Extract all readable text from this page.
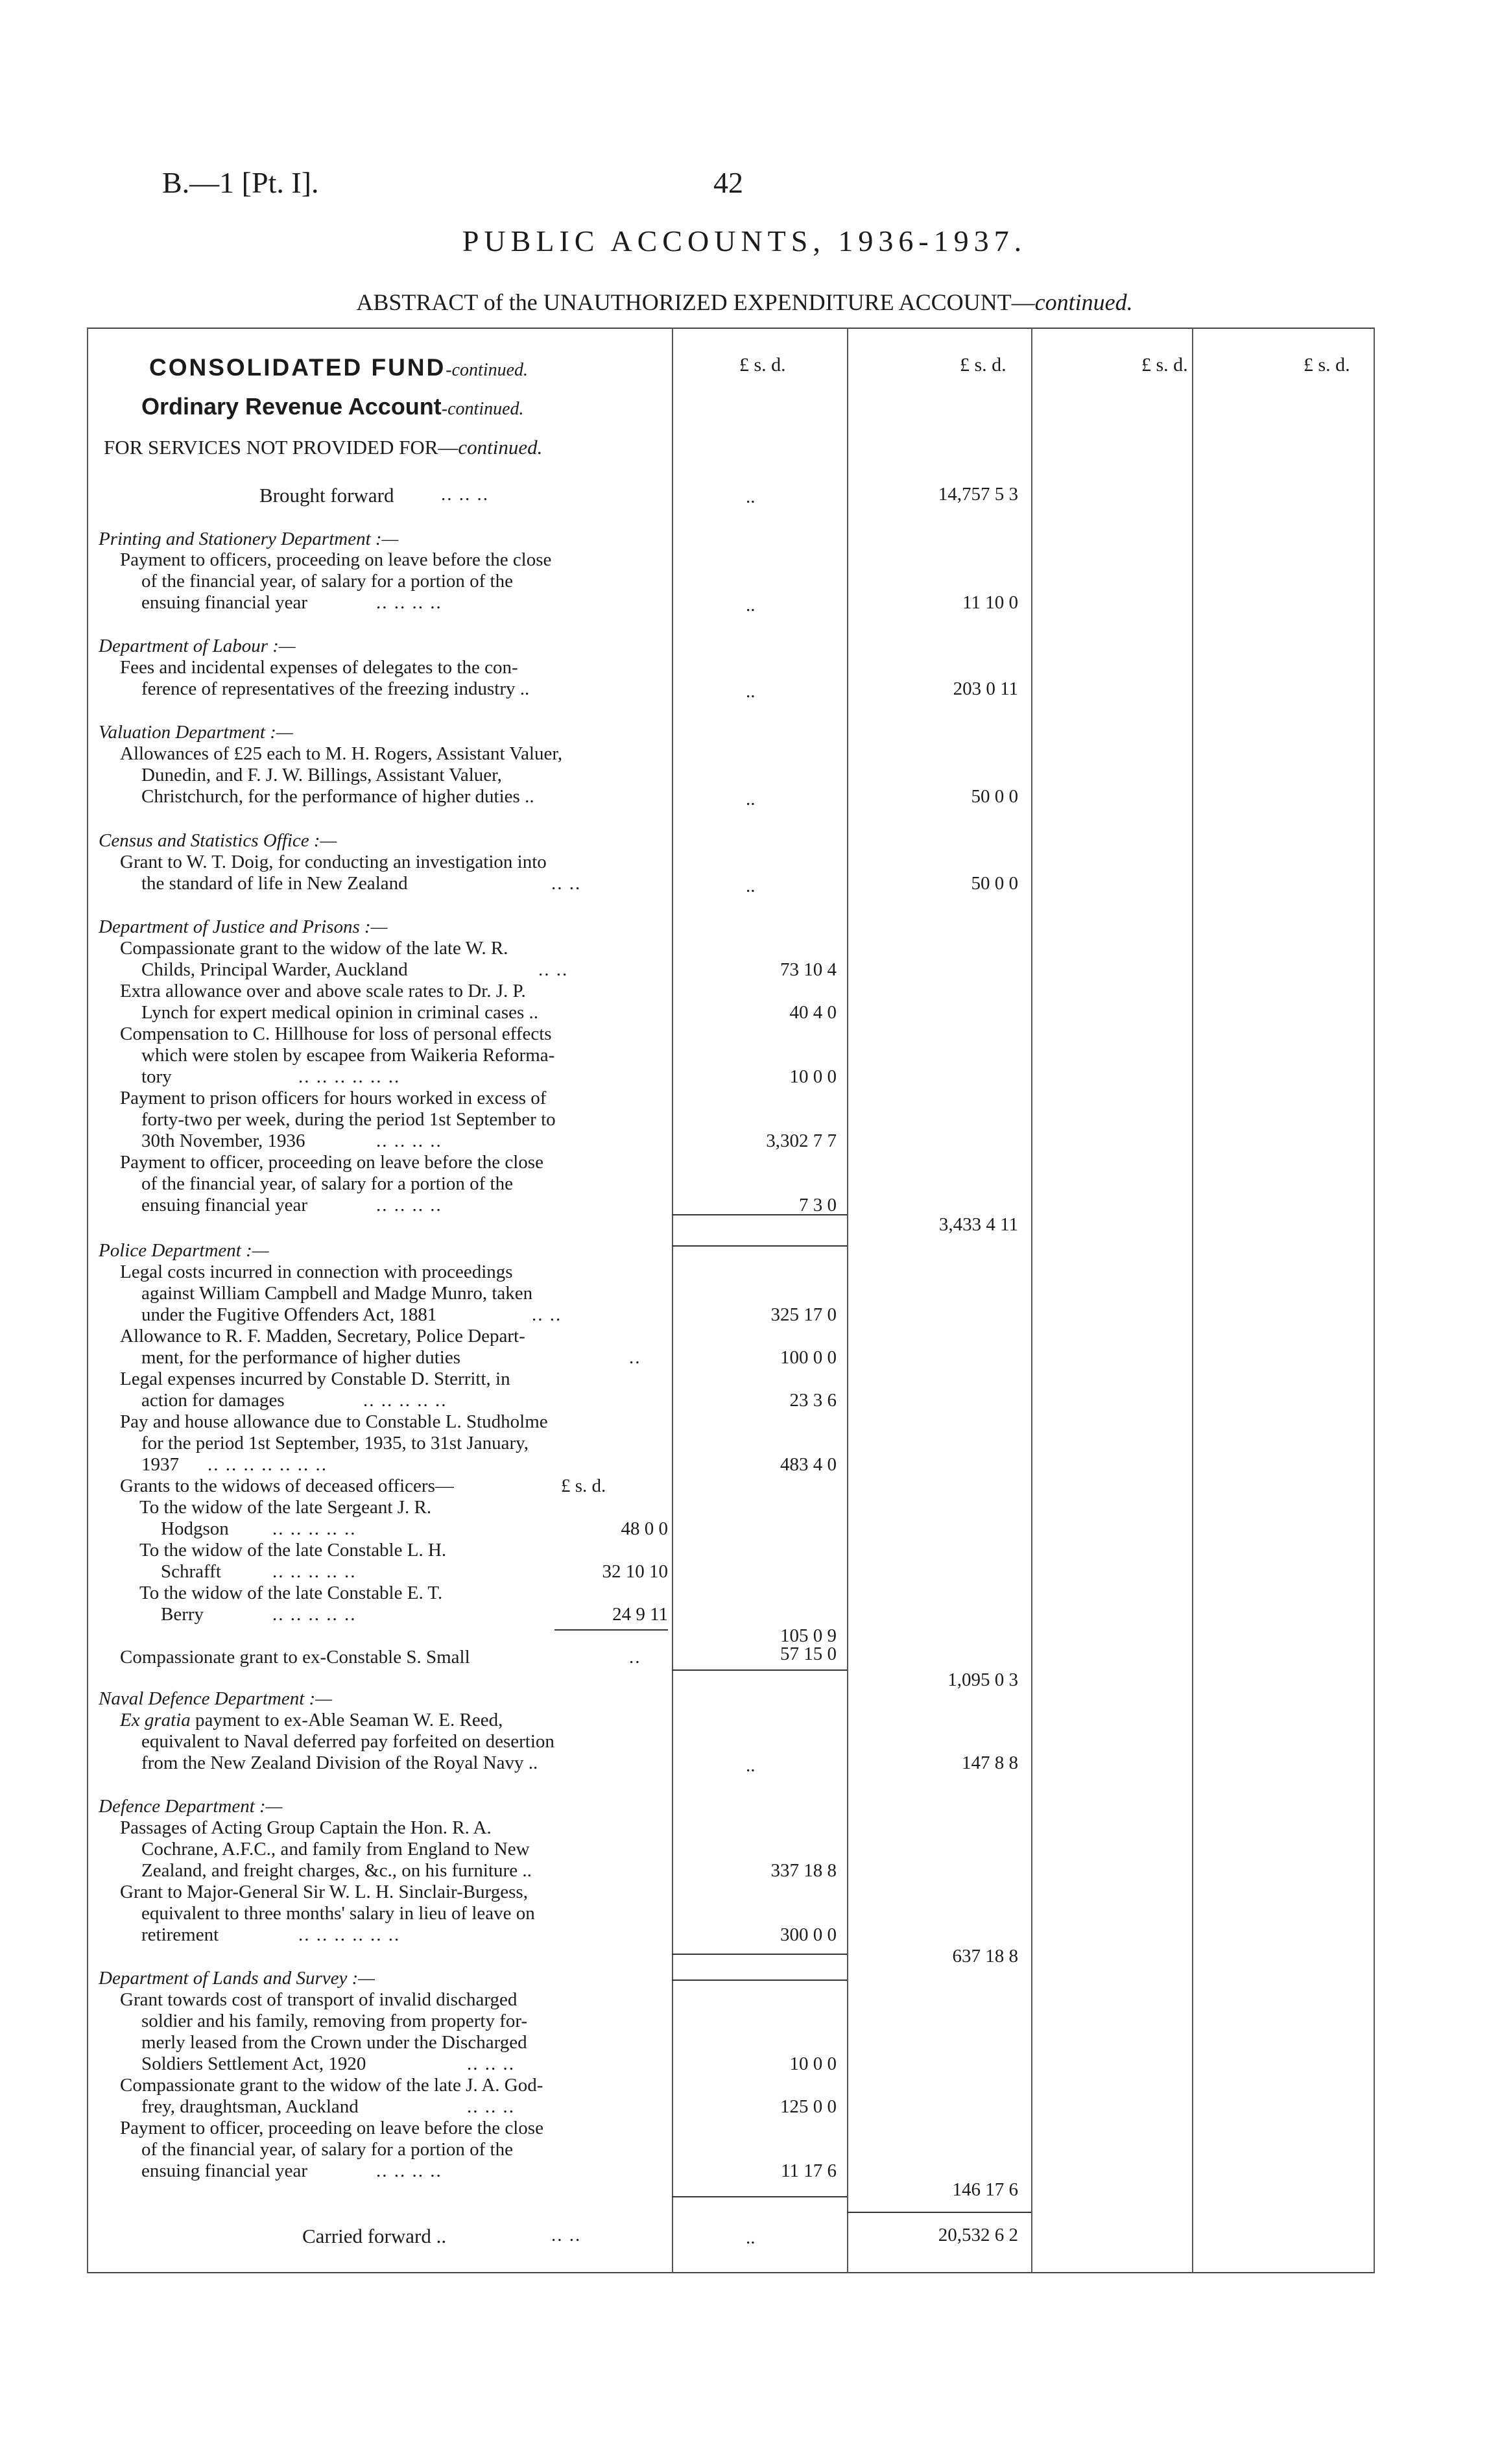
B.—1 [Pt. I].	42
PUBLIC ACCOUNTS, 1936-1937.
ABSTRACT of the UNAUTHORIZED EXPENDITURE ACCOUNT—continued.
CONSOLIDATED FUND-continued.
Ordinary Revenue Account-continued.
FOR SERVICES NOT PROVIDED FOR—continued.
£ s. d.	£ s. d.	£ s. d.	£ s. d.
Brought forward	.. .. ..	..	14,757 5 3
Printing and Stationery Department :—
Payment to officers, proceeding on leave before the close
of the financial year, of salary for a portion of the
ensuing financial year	.. .. .. ..	..	11 10 0
Department of Labour :—
Fees and incidental expenses of delegates to the con-
ference of representatives of the freezing industry ..	..	203 0 11
Valuation Department :—
Allowances of £25 each to M. H. Rogers, Assistant Valuer,
Dunedin, and F. J. W. Billings, Assistant Valuer,
Christchurch, for the performance of higher duties ..	..	50 0 0
Census and Statistics Office :—
Grant to W. T. Doig, for conducting an investigation into
the standard of life in New Zealand	.. ..	..	50 0 0
Department of Justice and Prisons :—
Compassionate grant to the widow of the late W. R.
Childs, Principal Warder, Auckland	.. ..	73 10 4
Extra allowance over and above scale rates to Dr. J. P.
Lynch for expert medical opinion in criminal cases ..	40 4 0
Compensation to C. Hillhouse for loss of personal effects
which were stolen by escapee from Waikeria Reforma-
tory	.. .. .. .. .. ..	10 0 0
Payment to prison officers for hours worked in excess of
forty-two per week, during the period 1st September to
30th November, 1936	.. .. .. ..	3,302 7 7
Payment to officer, proceeding on leave before the close
of the financial year, of salary for a portion of the
ensuing financial year	.. .. .. ..	7 3 0
3,433 4 11
Police Department :—
Legal costs incurred in connection with proceedings
against William Campbell and Madge Munro, taken
under the Fugitive Offenders Act, 1881	.. ..	325 17 0
Allowance to R. F. Madden, Secretary, Police Depart-
ment, for the performance of higher duties	..	100 0 0
Legal expenses incurred by Constable D. Sterritt, in
action for damages	.. .. .. .. ..	23 3 6
Pay and house allowance due to Constable L. Studholme
for the period 1st September, 1935, to 31st January,
1937 .. .. .. .. .. .. ..	483 4 0
Grants to the widows of deceased officers—	£ s. d.
To the widow of the late Sergeant J. R.
Hodgson .. .. .. .. ..	48 0 0
To the widow of the late Constable L. H.
Schrafft	.. .. .. .. ..	32 10 10
To the widow of the late Constable E. T.
Berry	.. .. .. .. ..	24 9 11
105 0 9
Compassionate grant to ex-Constable S. Small	..	57 15 0
1,095 0 3
Naval Defence Department :—
Ex gratia payment to ex-Able Seaman W. E. Reed,
equivalent to Naval deferred pay forfeited on desertion
from the New Zealand Division of the Royal Navy ..	..	147 8 8
Defence Department :—
Passages of Acting Group Captain the Hon. R. A.
Cochrane, A.F.C., and family from England to New
Zealand, and freight charges, &c., on his furniture ..	337 18 8
Grant to Major-General Sir W. L. H. Sinclair-Burgess,
equivalent to three months' salary in lieu of leave on
retirement	.. .. .. .. .. ..	300 0 0
637 18 8
Department of Lands and Survey :—
Grant towards cost of transport of invalid discharged
soldier and his family, removing from property for-
merly leased from the Crown under the Discharged
Soldiers Settlement Act, 1920	.. .. ..	10 0 0
Compassionate grant to the widow of the late J. A. God-
frey, draughtsman, Auckland	.. .. ..	125 0 0
Payment to officer, proceeding on leave before the close
of the financial year, of salary for a portion of the
ensuing financial year	.. .. .. ..	11 17 6
146 17 6
Carried forward ..	.. ..	..	20,532 6 2
